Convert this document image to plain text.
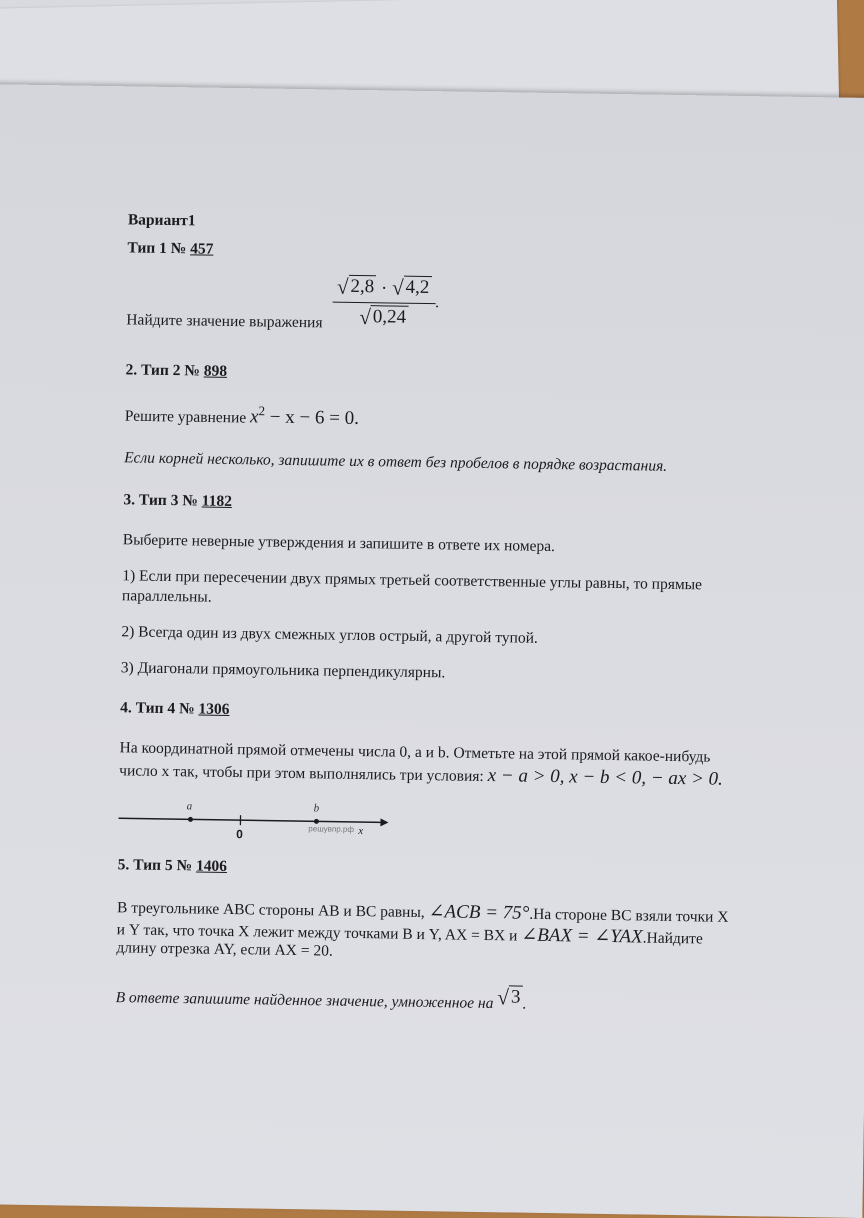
Вариант1
Тип 1 № 457
Найдите значение выражения $\frac{√ 2,8 \cdot √ 4,2}{√ 0,24}$ .
2. Тип 2 № 898
Решите уравнение $x^2 - x - 6 = 0$.
Если корней несколько, запишите их в ответ без пробелов в порядке возрастания.
3. Тип 3 № 1182
Выберите неверные утверждения и запишите в ответе их номера.
1) Если при пересечении двух прямых третьей соответственные углы равны, то прямые
параллельны.
2) Всегда один из двух смежных углов острый, а другой тупой.
3) Диагонали прямоугольника перпендикулярны.
4. Тип 4 № 1306
На координатной прямой отмечены числа 0, a и b. Отметьте на этой прямой какое-нибудь
число x так, чтобы при этом выполнялись три условия: x − a > 0, x − b < 0, − ax > 0.
a	b
0	решувпр.рф x
5. Тип 5 № 1406
В треугольнике ABC стороны AB и BC равны, ∠ACB = 75°.На стороне BC взяли точки X
и Y так, что точка X лежит между точками B и Y, AX = BX и ∠BAX = ∠YAX.Найдите
длину отрезка AY, если AX = 20.
В ответе запишите найденное значение, умноженное на √ 3 .
